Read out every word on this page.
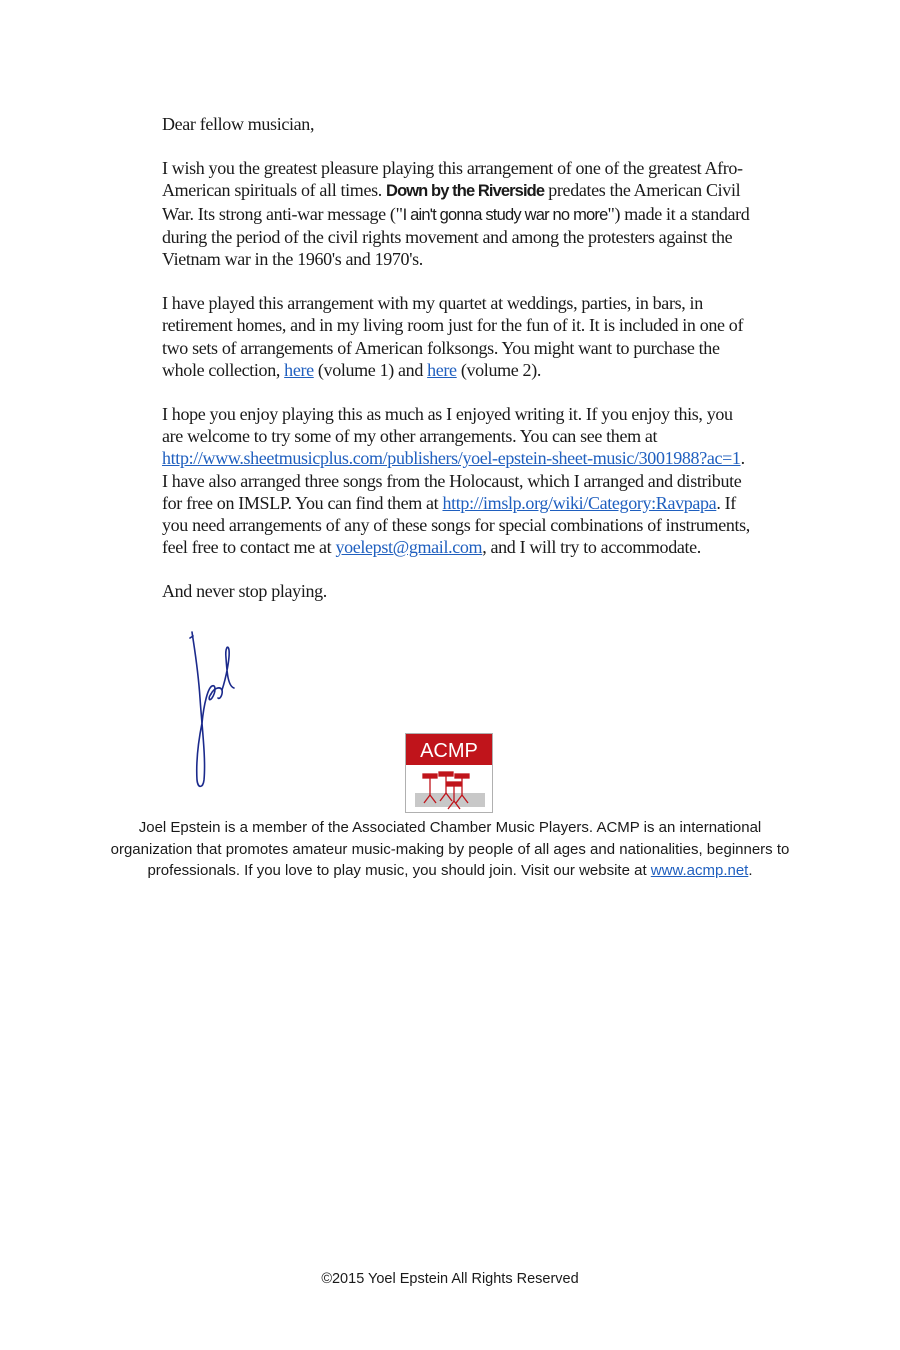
Dear fellow musician,

I wish you the greatest pleasure playing this arrangement of one of the greatest Afro-American spirituals of all times. Down by the Riverside predates the American Civil War. Its strong anti-war message ("I ain't gonna study war no more") made it a standard during the period of the civil rights movement and among the protesters against the Vietnam war in the 1960's and 1970's.

I have played this arrangement with my quartet at weddings, parties, in bars, in retirement homes, and in my living room just for the fun of it. It is included in one of two sets of arrangements of American folksongs. You might want to purchase the whole collection, here (volume 1) and here (volume 2).

I hope you enjoy playing this as much as I enjoyed writing it. If you enjoy this, you are welcome to try some of my other arrangements. You can see them at http://www.sheetmusicplus.com/publishers/yoel-epstein-sheet-music/3001988?ac=1. I have also arranged three songs from the Holocaust, which I arranged and distribute for free on IMSLP. You can find them at http://imslp.org/wiki/Category:Ravpapa. If you need arrangements of any of these songs for special combinations of instruments, feel free to contact me at yoelepst@gmail.com, and I will try to accommodate.

And never stop playing.

ACMP
Joel Epstein is a member of the Associated Chamber Music Players. ACMP is an international organization that promotes amateur music-making by people of all ages and nationalities, beginners to professionals. If you love to play music, you should join. Visit our website at www.acmp.net.
©2015 Yoel Epstein All Rights Reserved
